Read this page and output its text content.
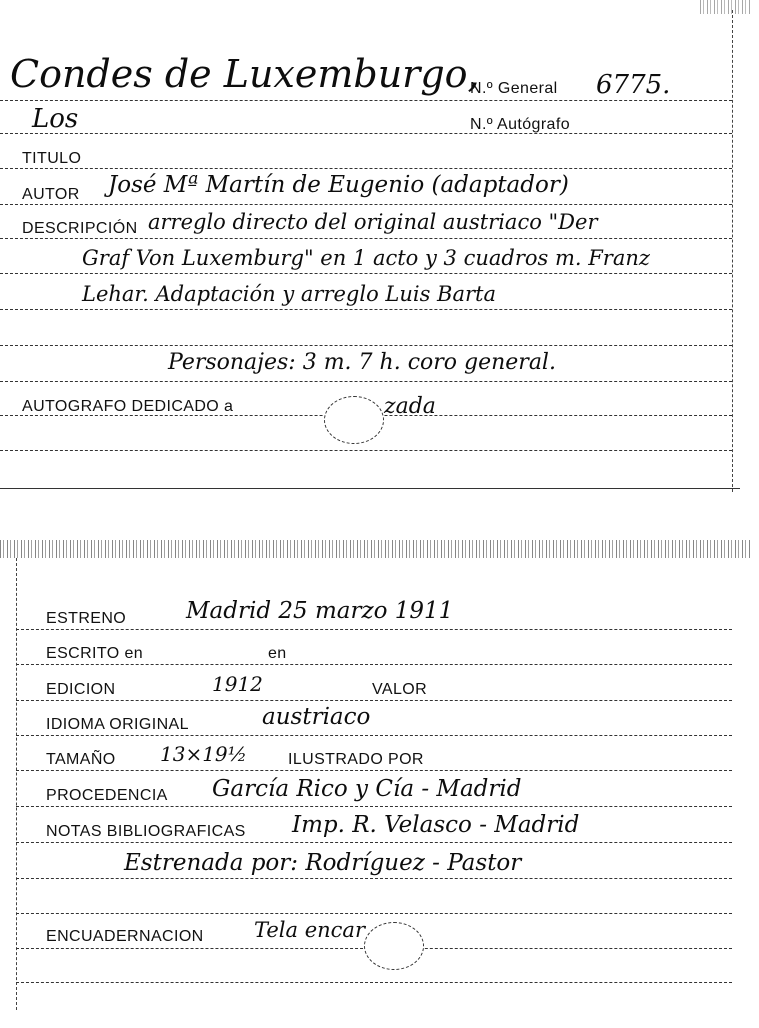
Condes de Luxemburgo,
Los
N.º General 6775.
N.º Autógrafo
TITULO
AUTOR José Mª Martín de Eugenio (adaptador)
DESCRIPCIÓN arreglo directo del original austriaco "Der
Graf Von Luxemburg" en 1 acto y 3 cuadros m. Franz
Lehar. Adaptación y arreglo Luis Barta
Personajes: 3 m. 7 h. coro general.
AUTOGRAFO DEDICADO a	zada
ESTRENO	Madrid 25 marzo 1911
ESCRITO en	en
EDICION	1912	VALOR
IDIOMA ORIGINAL	austriaco
TAMAÑO 13×19½	ILUSTRADO POR
PROCEDENCIA García Rico y Cía - Madrid
NOTAS BIBLIOGRAFICAS Imp. R. Velasco - Madrid
Estrenada por: Rodríguez - Pastor
ENCUADERNACION Tela encar
